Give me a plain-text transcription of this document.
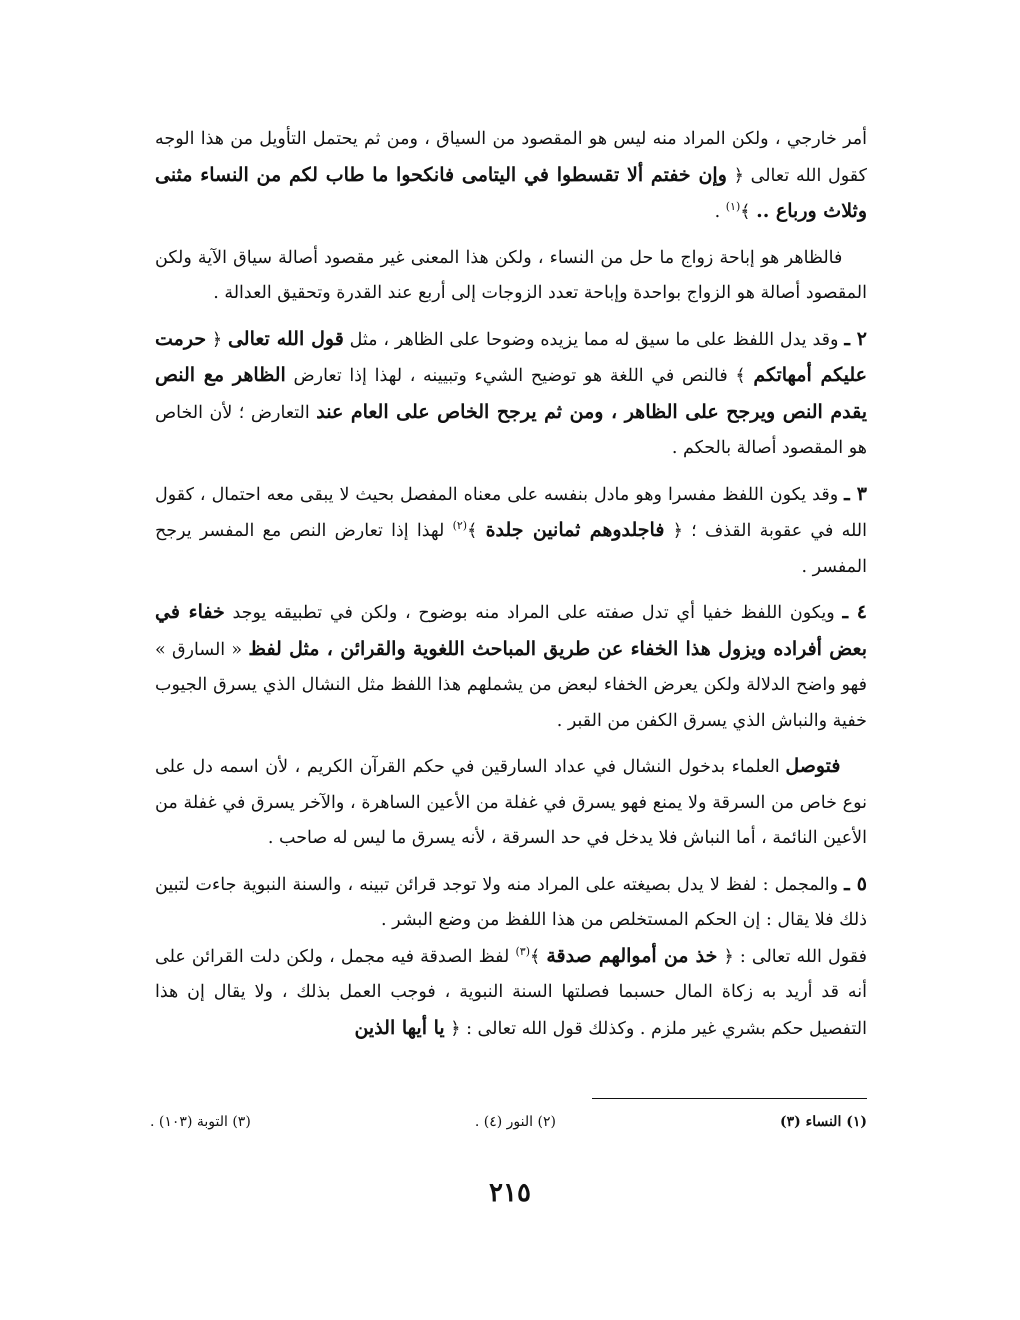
أمر خارجي ، ولكن المراد منه ليس هو المقصود من السياق ، ومن ثم يحتمل التأويل من هذا الوجه كقول الله تعالى ﴿ وإن خفتم ألا تقسطوا في اليتامى فانكحوا ما طاب لكم من النساء مثنى وثلاث ورباع .. ﴾$^{(١)}$ .

فالظاهر هو إباحة زواج ما حل من النساء ، ولكن هذا المعنى غير مقصود أصالة سياق الآية ولكن المقصود أصالة هو الزواج بواحدة وإباحة تعدد الزوجات إلى أربع عند القدرة وتحقيق العدالة .

٢ ـ وقد يدل اللفظ على ما سيق له مما يزيده وضوحا على الظاهر ، مثل قول الله تعالى ﴿ حرمت عليكم أمهاتكم ﴾ فالنص في اللغة هو توضيح الشيء وتبيينه ، لهذا إذا تعارض الظاهر مع النص يقدم النص ويرجح على الظاهر ، ومن ثم يرجح الخاص على العام عند التعارض ؛ لأن الخاص هو المقصود أصالة بالحكم .

٣ ـ وقد يكون اللفظ مفسرا وهو مادل بنفسه على معناه المفصل بحيث لا يبقى معه احتمال ، كقول الله في عقوبة القذف ؛ ﴿ فاجلدوهم ثمانين جلدة ﴾$^{(٢)}$ لهذا إذا تعارض النص مع المفسر يرجح المفسر .

٤ ـ ويكون اللفظ خفيا أي تدل صفته على المراد منه بوضوح ، ولكن في تطبيقه يوجد خفاء في بعض أفراده ويزول هذا الخفاء عن طريق المباحث اللغوية والقرائن ، مثل لفظ « السارق » فهو واضح الدلالة ولكن يعرض الخفاء لبعض من يشملهم هذا اللفظ مثل النشال الذي يسرق الجيوب خفية والنباش الذي يسرق الكفن من القبر .

فتوصل العلماء بدخول النشال في عداد السارقين في حكم القرآن الكريم ، لأن اسمه دل على نوع خاص من السرقة ولا يمنع فهو يسرق في غفلة من الأعين الساهرة ، والآخر يسرق في غفلة من الأعين النائمة ، أما النباش فلا يدخل في حد السرقة ، لأنه يسرق ما ليس له صاحب .

٥ ـ والمجمل : لفظ لا يدل بصيغته على المراد منه ولا توجد قرائن تبينه ، والسنة النبوية جاءت لتبين ذلك فلا يقال : إن الحكم المستخلص من هذا اللفظ من وضع البشر .
فقول الله تعالى : ﴿ خذ من أموالهم صدقة ﴾$^{(٣)}$ لفظ الصدقة فيه مجمل ، ولكن دلت القرائن على أنه قد أريد به زكاة المال حسبما فصلتها السنة النبوية ، فوجب العمل بذلك ، ولا يقال إن هذا التفصيل حكم بشري غير ملزم . وكذلك قول الله تعالى : ﴿ يا أيها الذين

(١) النساء (٣)
(٢) النور (٤) .
(٣) التوبة (١٠٣) .
٢١٥
